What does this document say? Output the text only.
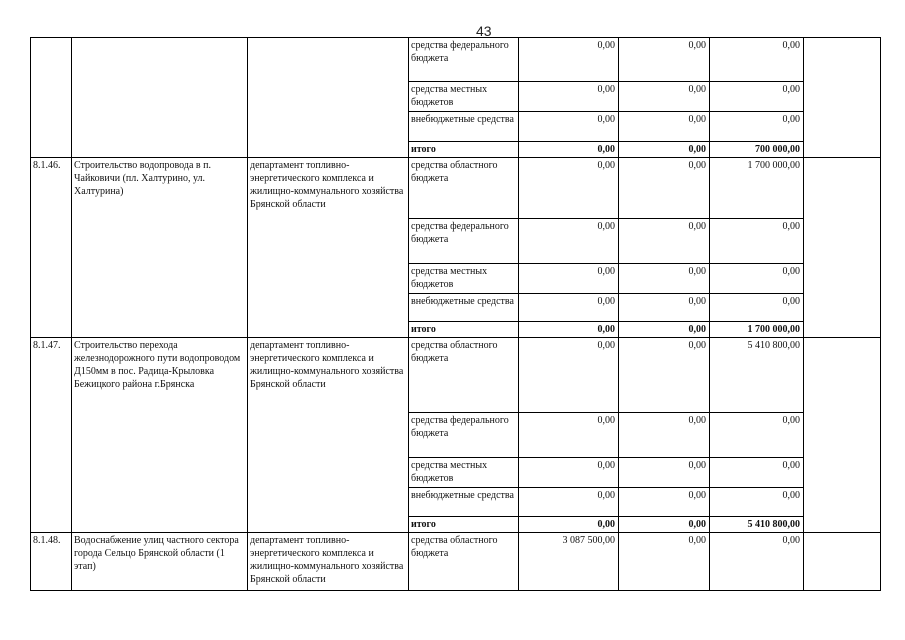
43
			средства федерального бюджета	0,00	0,00	0,00	
			средства местных бюджетов	0,00	0,00	0,00	
			внебюджетные средства	0,00	0,00	0,00	
			итого	0,00	0,00	700 000,00	
8.1.46.	Строительство водопровода в п. Чайковичи (пл. Халтурино, ул. Халтурина)	департамент топливно-энергетического комплекса и жилищно-коммунального хозяйства Брянской области	средства областного бюджета	0,00	0,00	1 700 000,00	
			средства федерального бюджета	0,00	0,00	0,00	
			средства местных бюджетов	0,00	0,00	0,00	
			внебюджетные средства	0,00	0,00	0,00	
			итого	0,00	0,00	1 700 000,00	
8.1.47.	Строительство перехода железнодорожного пути водопроводом Д150мм в пос. Радица-Крыловка Бежицкого района г.Брянска	департамент топливно-энергетического комплекса и жилищно-коммунального хозяйства Брянской области	средства областного бюджета	0,00	0,00	5 410 800,00	
			средства федерального бюджета	0,00	0,00	0,00	
			средства местных бюджетов	0,00	0,00	0,00	
			внебюджетные средства	0,00	0,00	0,00	
			итого	0,00	0,00	5 410 800,00	
8.1.48.	Водоснабжение улиц частного сектора города Сельцо Брянской области (1 этап)	департамент топливно-энергетического комплекса и жилищно-коммунального хозяйства Брянской области	средства областного бюджета	3 087 500,00	0,00	0,00	
